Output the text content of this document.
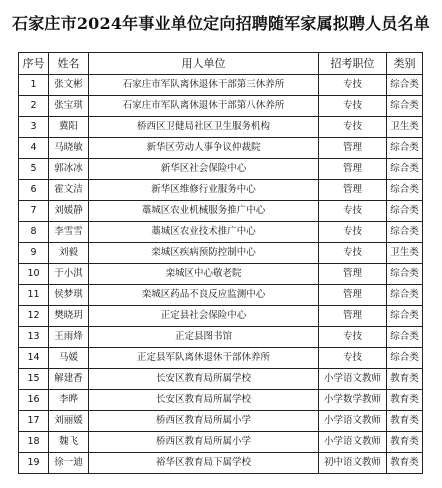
石家庄市2024年事业单位定向招聘随军家属拟聘人员名单
序号	姓名	用人单位	招考职位	类别
1	张文彬	石家庄市军队离休退休干部第三休养所	专技	综合类
2	张宝琪	石家庄市军队离休退休干部第八休养所	专技	综合类
3	冀阳	桥西区卫健局社区卫生服务机构	专技	卫生类
4	马晓敏	新华区劳动人事争议仲裁院	管理	综合类
5	郭冰冰	新华区社会保险中心	管理	综合类
6	霍文洁	新华区维修行业服务中心	管理	综合类
7	刘媛静	藁城区农业机械服务推广中心	专技	综合类
8	李雪雪	藁城区农业技术推广中心	专技	综合类
9	刘毅	栾城区疾病预防控制中心	专技	卫生类
10	于小淇	栾城区中心敬老院	管理	综合类
11	侯梦琪	栾城区药品不良反应监测中心	管理	综合类
12	樊晓玥	正定县社会保险中心	管理	综合类
13	王雨烽	正定县图书馆	专技	综合类
14	马媛	正定县军队离休退休干部休养所	专技	综合类
15	解建香	长安区教育局所属学校	小学语文教师	教育类
16	李晔	长安区教育局所属学校	小学数学教师	教育类
17	刘丽媛	桥西区教育局所属小学	小学语文教师	教育类
18	魏飞	桥西区教育局所属小学	小学语文教师	教育类
19	徐一迪	裕华区教育局下属学校	初中语文教师	教育类
